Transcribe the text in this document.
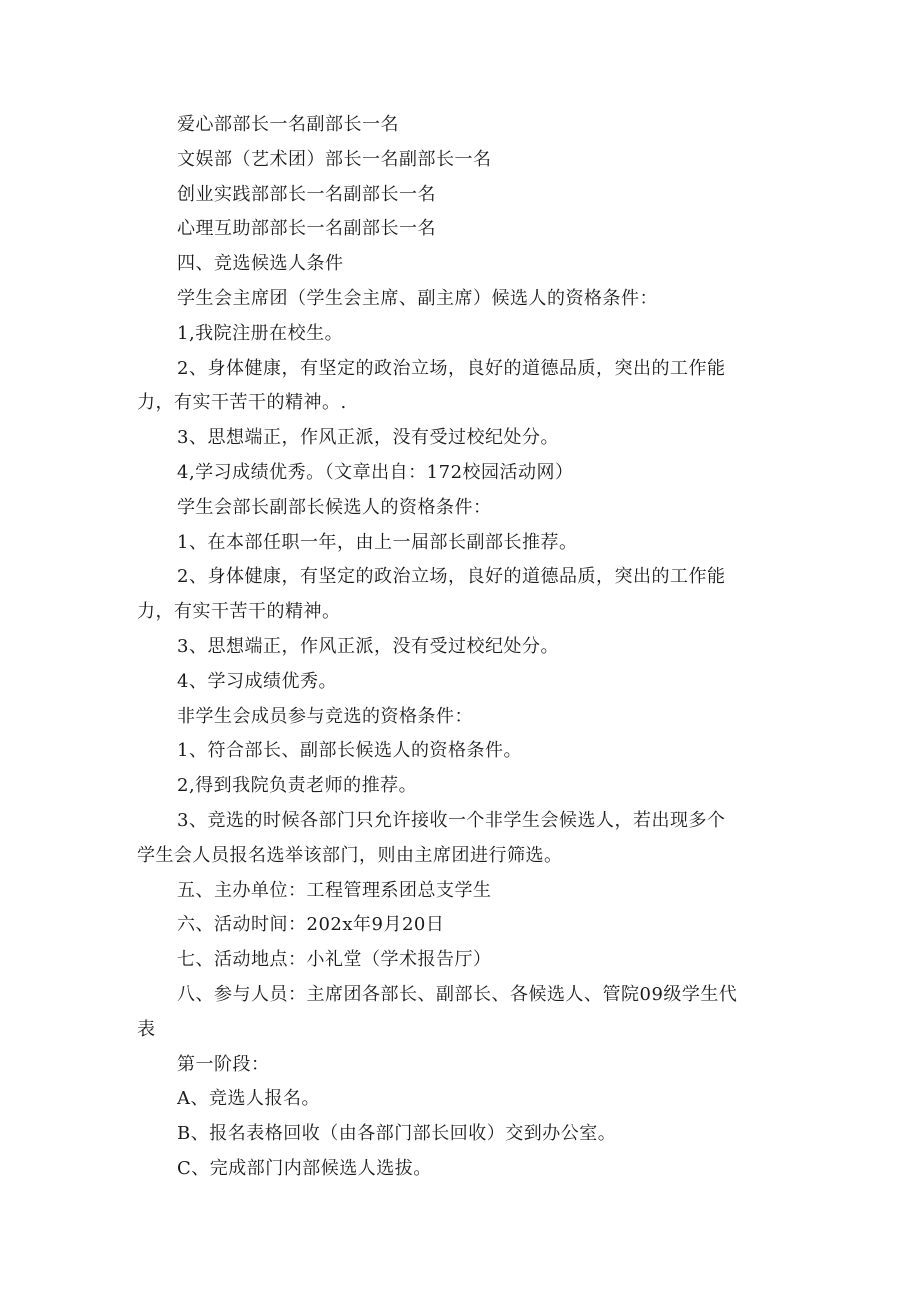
爱心部部长一名副部长一名
文娱部（艺术团）部长一名副部长一名
创业实践部部长一名副部长一名
心理互助部部长一名副部长一名
四、竞选候选人条件
学生会主席团（学生会主席、副主席）候选人的资格条件：
1,我院注册在校生。
2、身体健康，有坚定的政治立场，良好的道德品质，突出的工作能
力，有实干苦干的精神。.
3、思想端正，作风正派，没有受过校纪处分。
4,学习成绩优秀。（文章出自：172校园活动网）
学生会部长副部长候选人的资格条件：
1、在本部任职一年，由上一届部长副部长推荐。
2、身体健康，有坚定的政治立场，良好的道德品质，突出的工作能
力，有实干苦干的精神。
3、思想端正，作风正派，没有受过校纪处分。
4、学习成绩优秀。
非学生会成员参与竞选的资格条件：
1、符合部长、副部长候选人的资格条件。
2,得到我院负责老师的推荐。
3、竞选的时候各部门只允许接收一个非学生会候选人，若出现多个
学生会人员报名选举该部门，则由主席团进行筛选。
五、主办单位：工程管理系团总支学生
六、活动时间：202x年9月20日
七、活动地点：小礼堂（学术报告厅）
八、参与人员：主席团各部长、副部长、各候选人、管院09级学生代
表
第一阶段：
A、竞选人报名。
B、报名表格回收（由各部门部长回收）交到办公室。
C、完成部门内部候选人选拔。
